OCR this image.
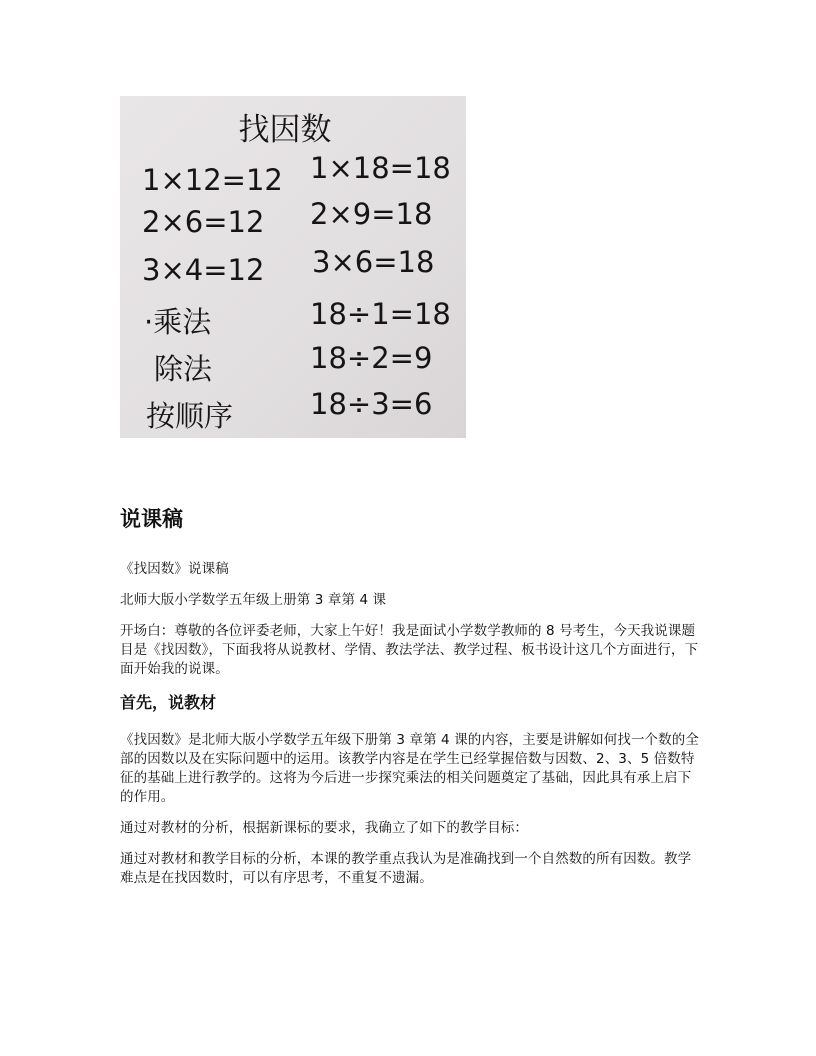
找因数
1×12=12 1×18=18
2×6=12 2×9=18
3×4=12 3×6=18
·乘法	18÷1=18
除法	18÷2=9
按顺序	18÷3=6
说课稿

《找因数》说课稿

北师大版小学数学五年级上册第 3 章第 4 课

开场白：尊敬的各位评委老师，大家上午好！我是面试小学数学教师的 8 号考生，今天我说课题目是《找因数》，下面我将从说教材、学情、教法学法、教学过程、板书设计这几个方面进行，下面开始我的说课。

首先，说教材

《找因数》是北师大版小学数学五年级下册第 3 章第 4 课的内容，主要是讲解如何找一个数的全部的因数以及在实际问题中的运用。该教学内容是在学生已经掌握倍数与因数、2、3、5 倍数特征的基础上进行教学的。这将为今后进一步探究乘法的相关问题奠定了基础，因此具有承上启下的作用。

通过对教材的分析，根据新课标的要求，我确立了如下的教学目标：

通过对教材和教学目标的分析，本课的教学重点我认为是准确找到一个自然数的所有因数。教学难点是在找因数时，可以有序思考，不重复不遗漏。
